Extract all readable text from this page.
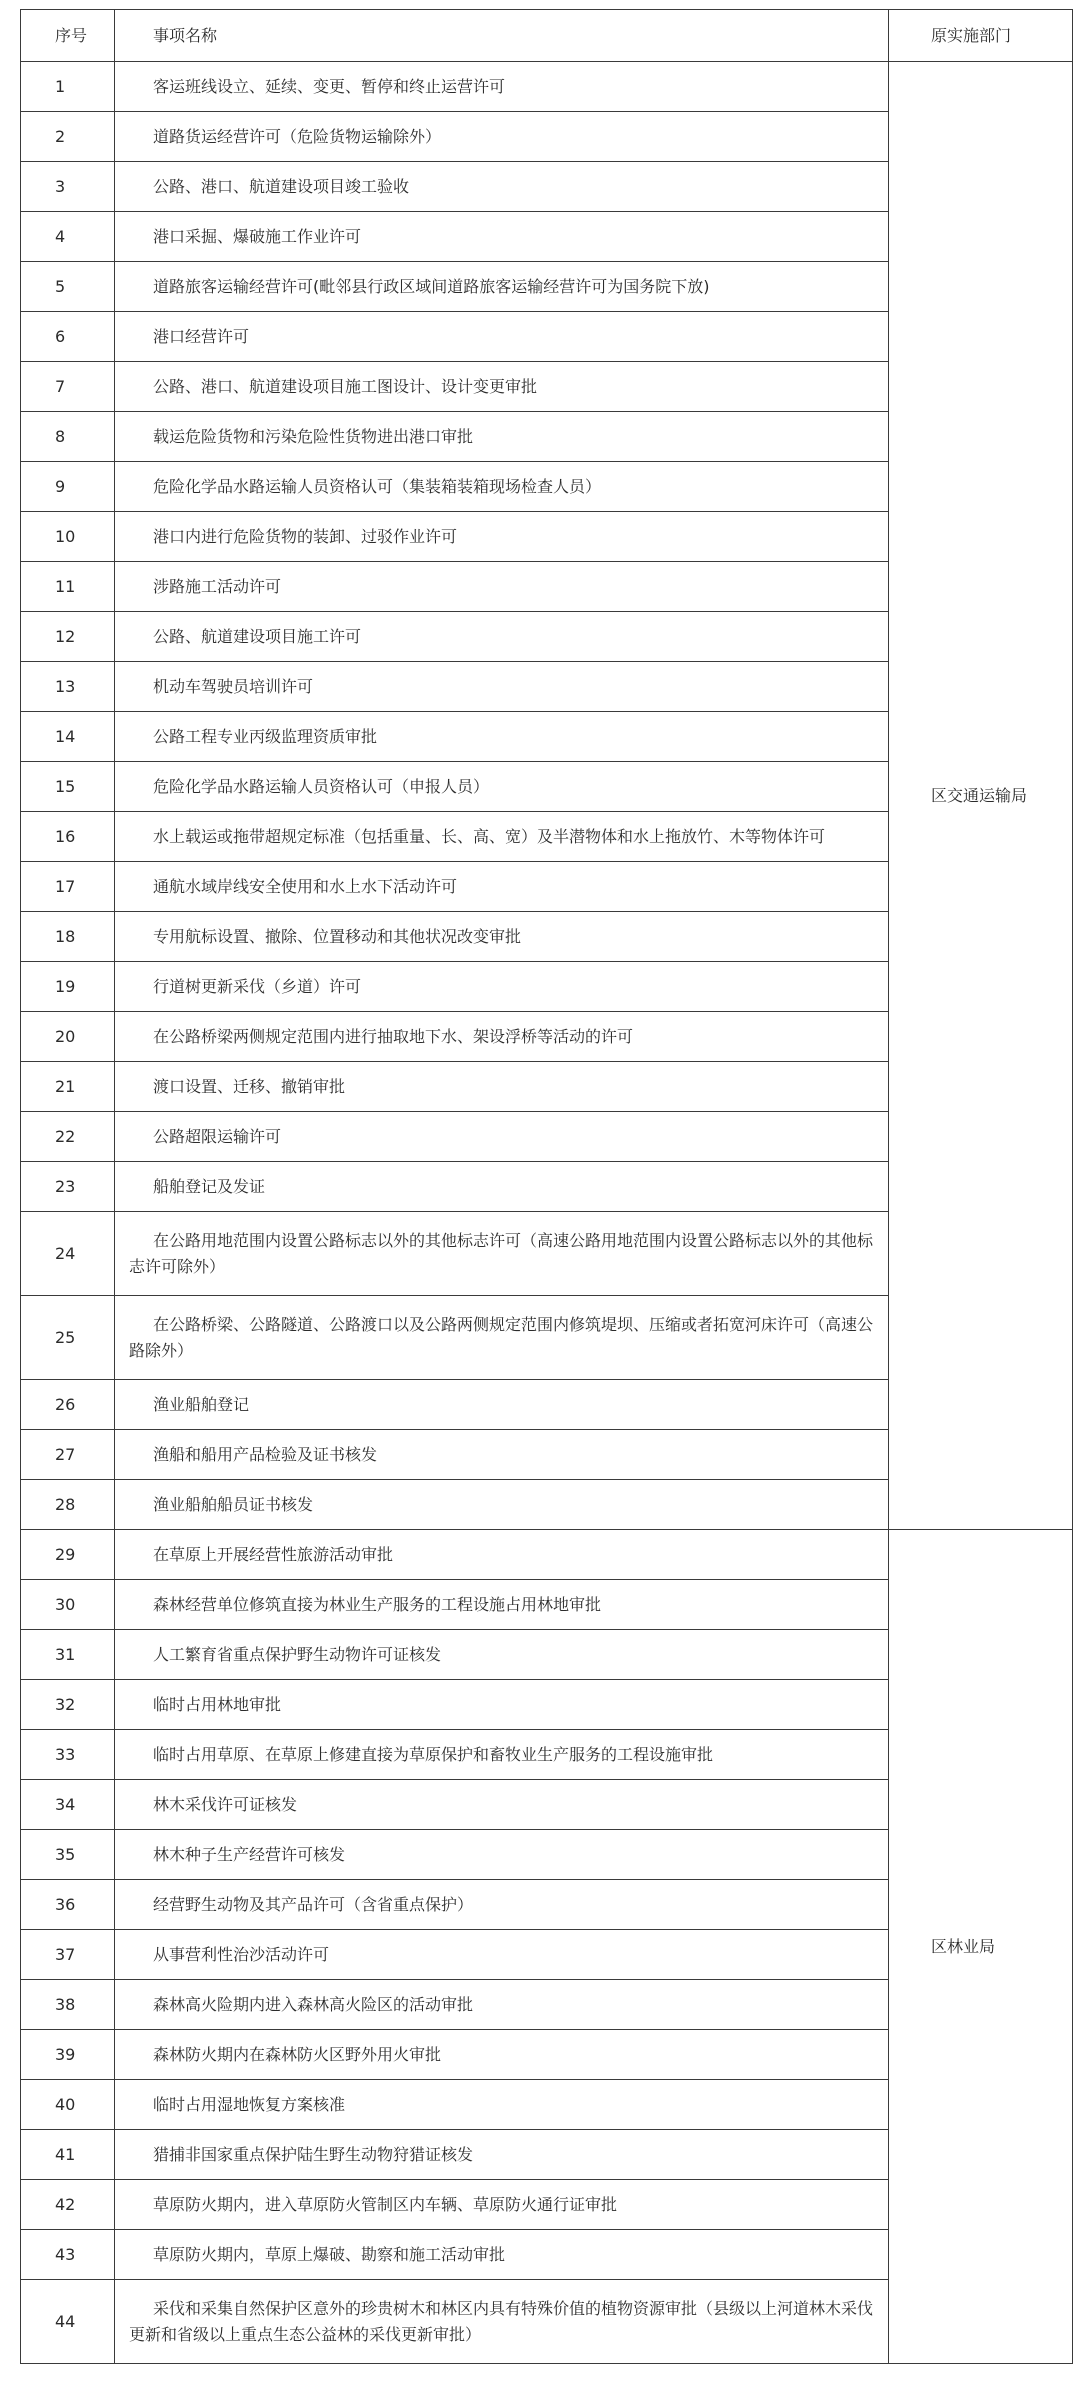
序号	事项名称	原实施部门
1	客运班线设立、延续、变更、暂停和终止运营许可	区交通运输局
2	道路货运经营许可（危险货物运输除外）	

3	公路、港口、航道建设项目竣工验收	

4	港口采掘、爆破施工作业许可	

5	道路旅客运输经营许可(毗邻县行政区域间道路旅客运输经营许可为国务院下放)	

6	港口经营许可	

7	公路、港口、航道建设项目施工图设计、设计变更审批	

8	载运危险货物和污染危险性货物进出港口审批	

9	危险化学品水路运输人员资格认可（集装箱装箱现场检查人员）	

10	港口内进行危险货物的装卸、过驳作业许可	

11	涉路施工活动许可	

12	公路、航道建设项目施工许可	

13	机动车驾驶员培训许可	

14	公路工程专业丙级监理资质审批	

15	危险化学品水路运输人员资格认可（申报人员）	

16	水上载运或拖带超规定标准（包括重量、长、高、宽）及半潜物体和水上拖放竹、木等物体许可	

17	通航水域岸线安全使用和水上水下活动许可	

18	专用航标设置、撤除、位置移动和其他状况改变审批	

19	行道树更新采伐（乡道）许可	

20	在公路桥梁两侧规定范围内进行抽取地下水、架设浮桥等活动的许可	

21	渡口设置、迁移、撤销审批	

22	公路超限运输许可	

23	船舶登记及发证	

24	在公路用地范围内设置公路标志以外的其他标志许可（高速公路用地范围内设置公路标志以外的其他标志许可除外）	

25	在公路桥梁、公路隧道、公路渡口以及公路两侧规定范围内修筑堤坝、压缩或者拓宽河床许可（高速公路除外）	

26	渔业船舶登记	

27	渔船和船用产品检验及证书核发	

28	渔业船舶船员证书核发	

29	在草原上开展经营性旅游活动审批	区林业局
30	森林经营单位修筑直接为林业生产服务的工程设施占用林地审批	

31	人工繁育省重点保护野生动物许可证核发	

32	临时占用林地审批	

33	临时占用草原、在草原上修建直接为草原保护和畜牧业生产服务的工程设施审批	

34	林木采伐许可证核发	

35	林木种子生产经营许可核发	

36	经营野生动物及其产品许可（含省重点保护）	

37	从事营利性治沙活动许可	

38	森林高火险期内进入森林高火险区的活动审批	

39	森林防火期内在森林防火区野外用火审批	

40	临时占用湿地恢复方案核准	

41	猎捕非国家重点保护陆生野生动物狩猎证核发	

42	草原防火期内，进入草原防火管制区内车辆、草原防火通行证审批	

43	草原防火期内，草原上爆破、勘察和施工活动审批	

44	采伐和采集自然保护区意外的珍贵树木和林区内具有特殊价值的植物资源审批（县级以上河道林木采伐更新和省级以上重点生态公益林的采伐更新审批）	
